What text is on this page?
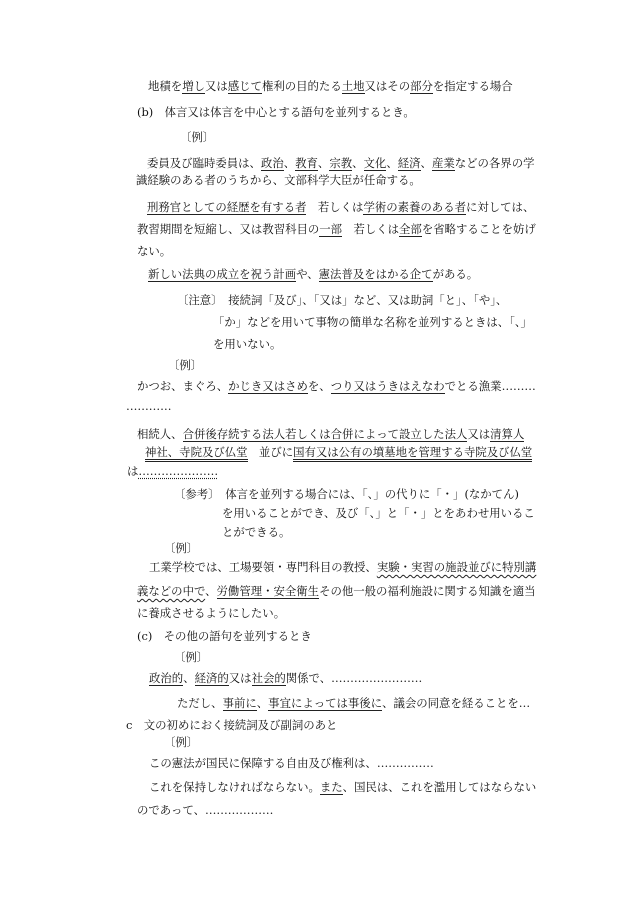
地積を増し又は感じて権利の目的たる土地又はその部分を指定する場合
(b)　体言又は体言を中心とする語句を並列するとき。
〔例〕
委員及び臨時委員は、政治、教育、宗教、文化、経済、産業などの各界の学
識経験のある者のうちから、文部科学大臣が任命する。
刑務官としての経歴を有する者　若しくは学術の素養のある者に対しては、
教習期間を短縮し、又は教習科目の一部　若しくは全部を省略することを妨げ
ない。
新しい法典の成立を祝う計画や、憲法普及をはかる企てがある。
〔注意〕　接続詞「及び」、「又は」など、又は助詞「と」、「や」、
「か」などを用いて事物の簡単な名称を並列するときは、「、」
を用いない。
〔例〕
かつお、まぐろ、かじき又はさめを、つり又はうきはえなわでとる漁業………
…………
相続人、合併後存続する法人若しくは合併によって設立した法人又は清算人
神社、寺院及び仏堂　並びに国有又は公有の墳墓地を管理する寺院及び仏堂
は…………………
〔参考〕　体言を並列する場合には、「、」の代りに「・」(なかてん)
を用いることができ、及び「、」と「・」とをあわせ用いるこ
とができる。
〔例〕
工業学校では、工場要領・専門科目の教授、実験・実習の施設並びに特別講
義などの中で、労働管理・安全衛生その他一般の福利施設に関する知識を適当
に養成させるようにしたい。
(c)　その他の語句を並列するとき
〔例〕
政治的、経済的又は社会的関係で、……………………
ただし、事前に、事宜によっては事後に、議会の同意を経ることを…
c　文の初めにおく接続詞及び副詞のあと
〔例〕
この憲法が国民に保障する自由及び権利は、……………
これを保持しなければならない。また、国民は、これを濫用してはならない
のであって、………………
